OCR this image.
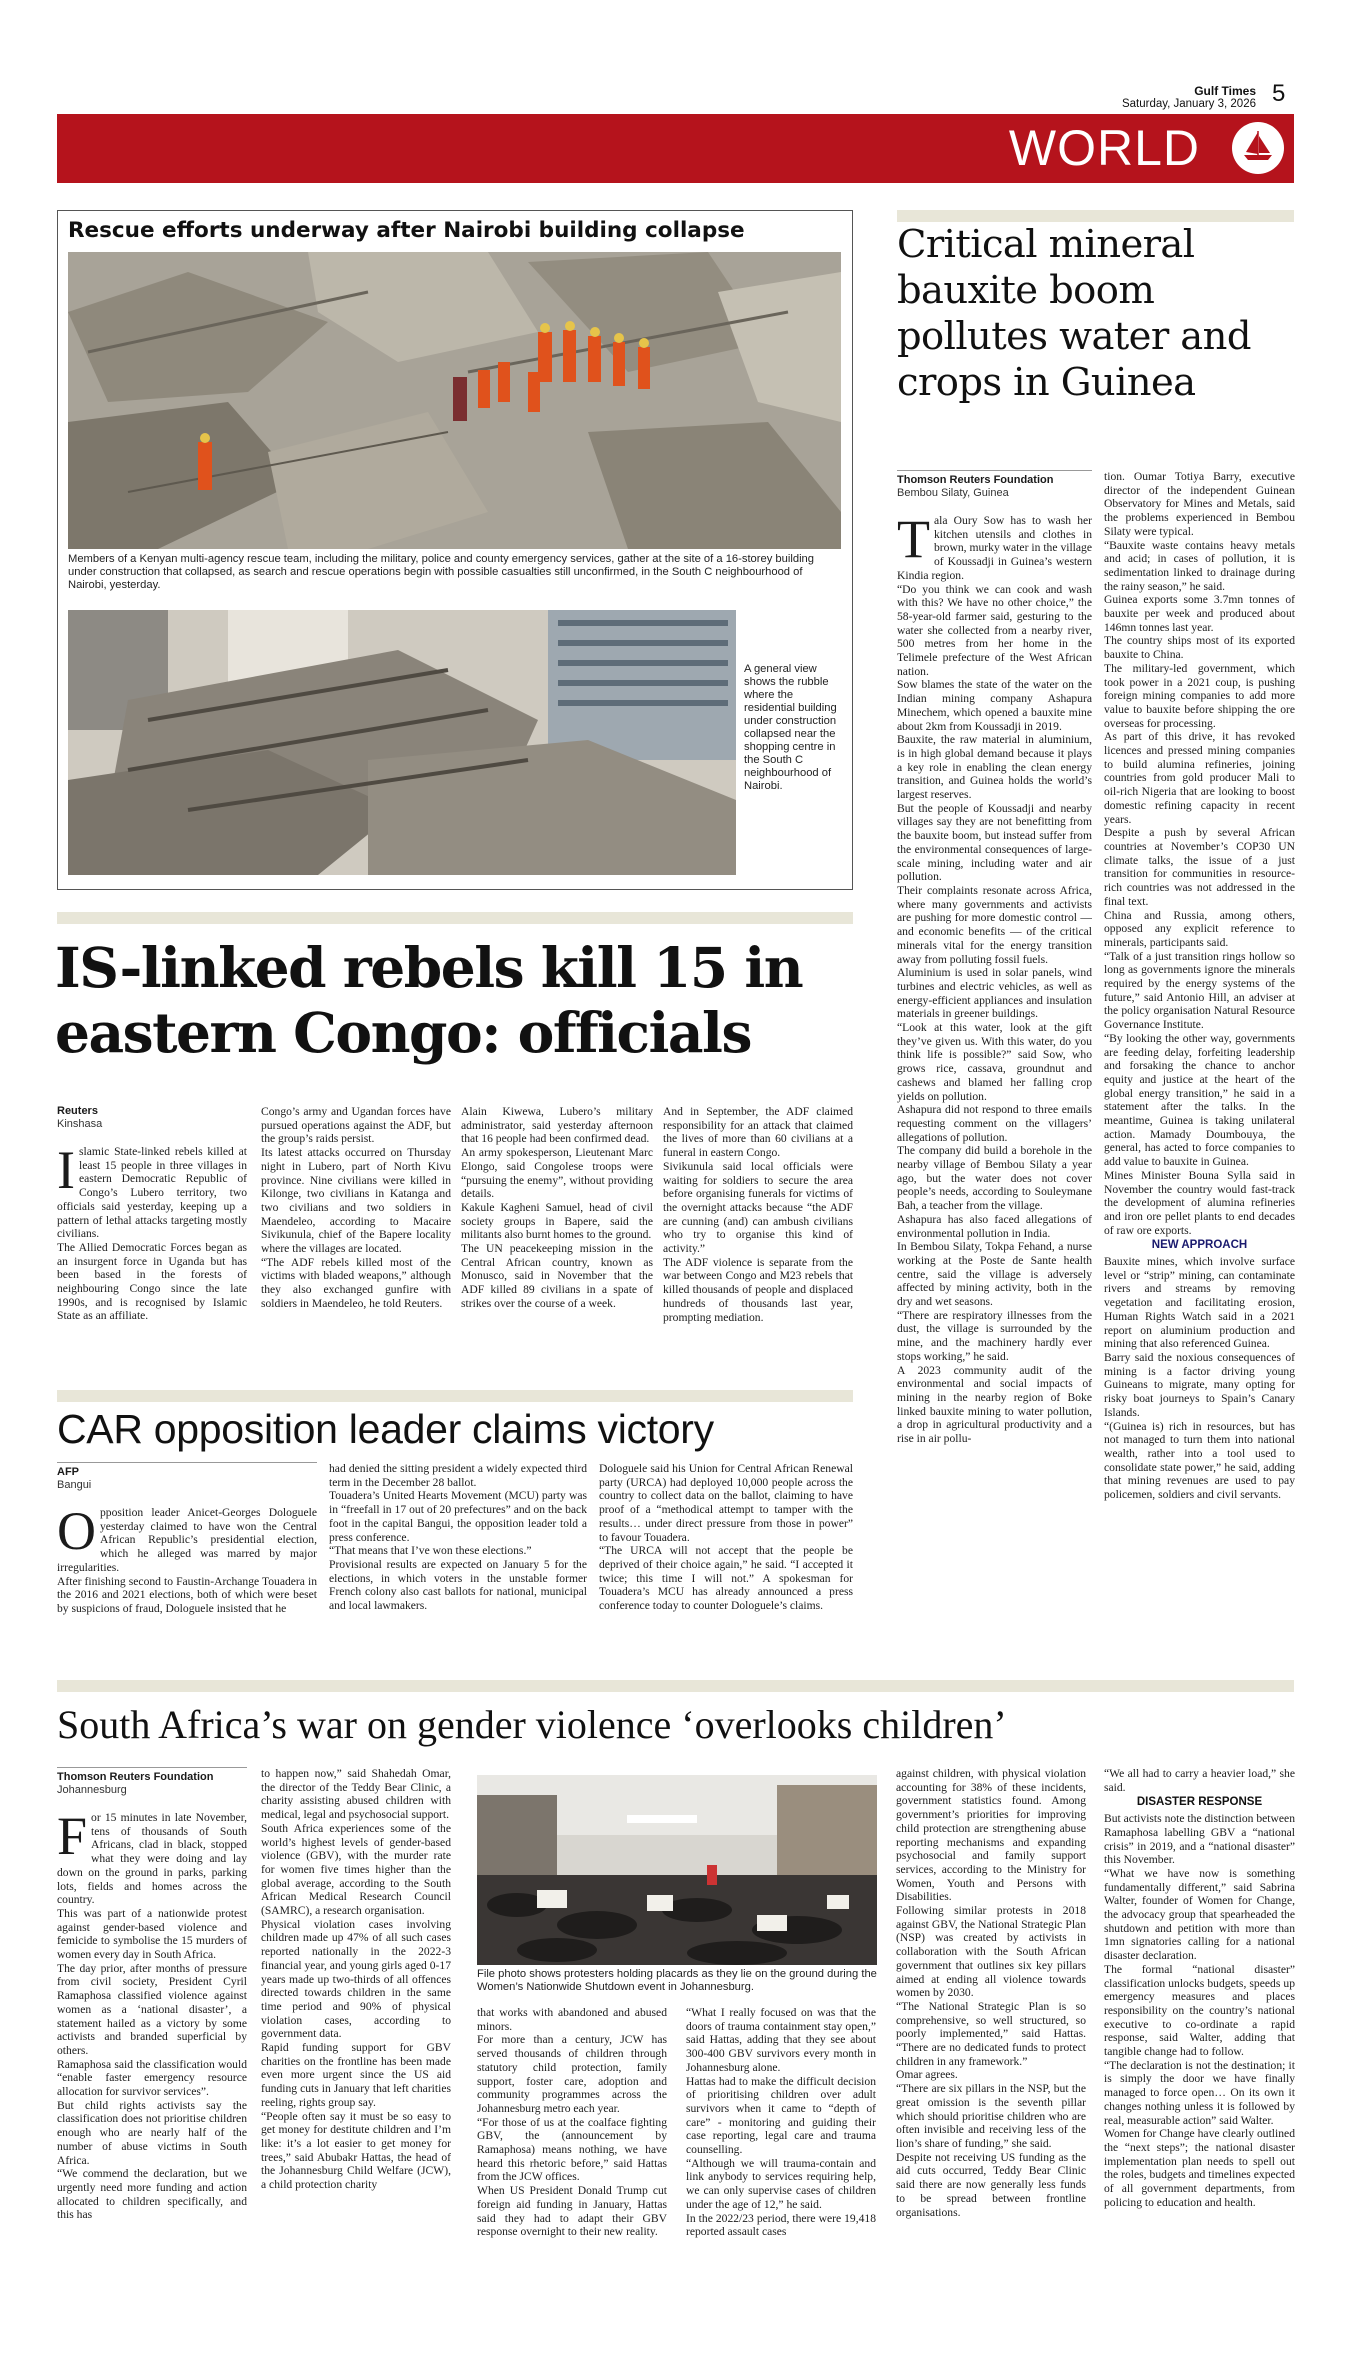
Gulf Times
Saturday, January 3, 2026 5
WORLD
Rescue efforts underway after Nairobi building collapse
Members of a Kenyan multi-agency rescue team, including the military, police and county emergency services, gather at the site of a 16-storey building under construction that collapsed, as search and rescue operations begin with possible casualties still unconfirmed, in the South C neighbourhood of Nairobi, yesterday.
A general view shows the rubble where the residential building under construction collapsed near the shopping centre in the South C neighbourhood of Nairobi.
Critical mineral bauxite boom pollutes water and crops in Guinea
Thomson Reuters Foundation
Bembou Silaty, Guinea
T ala Oury Sow has to wash her kitchen utensils and clothes in brown, murky water in the village of Koussadji in Guinea’s western Kindia region.

“Do you think we can cook and wash with this? We have no other choice,” the 58-year-old farmer said, gesturing to the water she collected from a nearby river, 500 metres from her home in the Telimele prefecture of the West African nation.

Sow blames the state of the water on the Indian mining company Ashapura Minechem, which opened a bauxite mine about 2km from Koussadji in 2019.

Bauxite, the raw material in aluminium, is in high global demand because it plays a key role in enabling the clean energy transition, and Guinea holds the world’s largest reserves.

But the people of Koussadji and nearby villages say they are not benefitting from the bauxite boom, but instead suffer from the environmental consequences of large-scale mining, including water and air pollution.

Their complaints resonate across Africa, where many governments and activists are pushing for more domestic control — and economic benefits — of the critical minerals vital for the energy transition away from polluting fossil fuels.

Aluminium is used in solar panels, wind turbines and electric vehicles, as well as energy-efficient appliances and insulation materials in greener buildings.

“Look at this water, look at the gift they’ve given us. With this water, do you think life is possible?” said Sow, who grows rice, cassava, groundnut and cashews and blamed her falling crop yields on pollution.

Ashapura did not respond to three emails requesting comment on the villagers’ allegations of pollution.

The company did build a borehole in the nearby village of Bembou Silaty a year ago, but the water does not cover people’s needs, according to Souleymane Bah, a teacher from the village.

Ashapura has also faced allegations of environmental pollution in India.

In Bembou Silaty, Tokpa Fehand, a nurse working at the Poste de Sante health centre, said the village is adversely affected by mining activity, both in the dry and wet seasons.

“There are respiratory illnesses from the dust, the village is surrounded by the mine, and the machinery hardly ever stops working,” he said.

A 2023 community audit of the environmental and social impacts of mining in the nearby region of Boke linked bauxite mining to water pollution, a drop in agricultural productivity and a rise in air pollu-

tion. Oumar Totiya Barry, executive director of the independent Guinean Observatory for Mines and Metals, said the problems experienced in Bembou Silaty were typical.

“Bauxite waste contains heavy metals and acid; in cases of pollution, it is sedimentation linked to drainage during the rainy season,” he said.

Guinea exports some 3.7mn tonnes of bauxite per week and produced about 146mn tonnes last year.

The country ships most of its exported bauxite to China.

The military-led government, which took power in a 2021 coup, is pushing foreign mining companies to add more value to bauxite before shipping the ore overseas for processing.

As part of this drive, it has revoked licences and pressed mining companies to build alumina refineries, joining countries from gold producer Mali to oil-rich Nigeria that are looking to boost domestic refining capacity in recent years.

Despite a push by several African countries at November’s COP30 UN climate talks, the issue of a just transition for communities in resource-rich countries was not addressed in the final text.

China and Russia, among others, opposed any explicit reference to minerals, participants said.

“Talk of a just transition rings hollow so long as governments ignore the minerals required by the energy systems of the future,” said Antonio Hill, an adviser at the policy organisation Natural Resource Governance Institute.

“By looking the other way, governments are feeding delay, forfeiting leadership and forsaking the chance to anchor equity and justice at the heart of the global energy transition,” he said in a statement after the talks. In the meantime, Guinea is taking unilateral action. Mamady Doumbouya, the general, has acted to force companies to add value to bauxite in Guinea.

Mines Minister Bouna Sylla said in November the country would fast-track the development of alumina refineries and iron ore pellet plants to end decades of raw ore exports.

NEW APPROACH

Bauxite mines, which involve surface level or “strip” mining, can contaminate rivers and streams by removing vegetation and facilitating erosion, Human Rights Watch said in a 2021 report on aluminium production and mining that also referenced Guinea.

Barry said the noxious consequences of mining is a factor driving young Guineans to migrate, many opting for risky boat journeys to Spain’s Canary Islands.

“(Guinea is) rich in resources, but has not managed to turn them into national wealth, rather into a tool used to consolidate state power,” he said, adding that mining revenues are used to pay policemen, soldiers and civil servants.

IS-linked rebels kill 15 in eastern Congo: officials
Reuters
Kinshasa
I slamic State-linked rebels killed at least 15 people in three villages in eastern Democratic Republic of Congo’s Lubero territory, two officials said yesterday, keeping up a pattern of lethal attacks targeting mostly civilians.

The Allied Democratic Forces began as an insurgent force in Uganda but has been based in the forests of neighbouring Congo since the late 1990s, and is recognised by Islamic State as an affiliate.

Congo’s army and Ugandan forces have pursued operations against the ADF, but the group’s raids persist.

Its latest attacks occurred on Thursday night in Lubero, part of North Kivu province. Nine civilians were killed in Kilonge, two civilians in Katanga and two civilians and two soldiers in Maendeleo, according to Macaire Sivikunula, chief of the Bapere locality where the villages are located.

“The ADF rebels killed most of the victims with bladed weapons,” although they also exchanged gunfire with soldiers in Maendeleo, he told Reuters.

Alain Kiwewa, Lubero’s military administrator, said yesterday afternoon that 16 people had been confirmed dead.

An army spokesperson, Lieutenant Marc Elongo, said Congolese troops were “pursuing the enemy”, without providing details.

Kakule Kagheni Samuel, head of civil society groups in Bapere, said the militants also burnt homes to the ground.

The UN peacekeeping mission in the Central African country, known as Monusco, said in November that the ADF killed 89 civilians in a spate of strikes over the course of a week.

And in September, the ADF claimed responsibility for an attack that claimed the lives of more than 60 civilians at a funeral in eastern Congo.

Sivikunula said local officials were waiting for soldiers to secure the area before organising funerals for victims of the overnight attacks because “the ADF are cunning (and) can ambush civilians who try to organise this kind of activity.”

The ADF violence is separate from the war between Congo and M23 rebels that killed thousands of people and displaced hundreds of thousands last year, prompting mediation.

CAR opposition leader claims victory
AFP
Bangui
O pposition leader Anicet-Georges Dologuele yesterday claimed to have won the Central African Republic’s presidential election, which he alleged was marred by major irregularities.

After finishing second to Faustin-Archange Touadera in the 2016 and 2021 elections, both of which were beset by suspicions of fraud, Dologuele insisted that he

had denied the sitting president a widely expected third term in the December 28 ballot.

Touadera’s United Hearts Movement (MCU) party was in “freefall in 17 out of 20 prefectures” and on the back foot in the capital Bangui, the opposition leader told a press conference.

“That means that I’ve won these elections.”

Provisional results are expected on January 5 for the elections, in which voters in the unstable former French colony also cast ballots for national, municipal and local lawmakers.

Dologuele said his Union for Central African Renewal party (URCA) had deployed 10,000 people across the country to collect data on the ballot, claiming to have proof of a “methodical attempt to tamper with the results… under direct pressure from those in power” to favour Touadera.

“The URCA will not accept that the people be deprived of their choice again,” he said. “I accepted it twice; this time I will not.” A spokesman for Touadera’s MCU has already announced a press conference today to counter Dologuele’s claims.

South Africa’s war on gender violence ‘overlooks children’
Thomson Reuters Foundation
Johannesburg
F or 15 minutes in late November, tens of thousands of South Africans, clad in black, stopped what they were doing and lay down on the ground in parks, parking lots, fields and homes across the country.

This was part of a nationwide protest against gender-based violence and femicide to symbolise the 15 murders of women every day in South Africa.

The day prior, after months of pressure from civil society, President Cyril Ramaphosa classified violence against women as a ‘national disaster’, a statement hailed as a victory by some activists and branded superficial by others.

Ramaphosa said the classification would “enable faster emergency resource allocation for survivor services”.

But child rights activists say the classification does not prioritise children enough who are nearly half of the number of abuse victims in South Africa.

“We commend the declaration, but we urgently need more funding and action allocated to children specifically, and this has

to happen now,” said Shahedah Omar, the director of the Teddy Bear Clinic, a charity assisting abused children with medical, legal and psychosocial support.

South Africa experiences some of the world’s highest levels of gender-based violence (GBV), with the murder rate for women five times higher than the global average, according to the South African Medical Research Council (SAMRC), a research organisation.

Physical violation cases involving children made up 47% of all such cases reported nationally in the 2022-3 financial year, and young girls aged 0-17 years made up two-thirds of all offences directed towards children in the same time period and 90% of physical violation cases, according to government data.

Rapid funding support for GBV charities on the frontline has been made even more urgent since the US aid funding cuts in January that left charities reeling, rights group say.

“People often say it must be so easy to get money for destitute children and I’m like: it’s a lot easier to get money for trees,” said Abubakr Hattas, the head of the Johannesburg Child Welfare (JCW), a child protection charity

File photo shows protesters holding placards as they lie on the ground during the Women’s Nationwide Shutdown event in Johannesburg.

that works with abandoned and abused minors.

For more than a century, JCW has served thousands of children through statutory child protection, family support, foster care, adoption and community programmes across the Johannesburg metro each year.

“For those of us at the coalface fighting GBV, the (announcement by Ramaphosa) means nothing, we have heard this rhetoric before,” said Hattas from the JCW offices.

When US President Donald Trump cut foreign aid funding in January, Hattas said they had to adapt their GBV response overnight to their new reality.

“What I really focused on was that the doors of trauma containment stay open,” said Hattas, adding that they see about 300-400 GBV survivors every month in Johannesburg alone.

Hattas had to make the difficult decision of prioritising children over adult survivors when it came to “depth of care” - monitoring and guiding their case reporting, legal care and trauma counselling.

“Although we will trauma-contain and link anybody to services requiring help, we can only supervise cases of children under the age of 12,” he said.

In the 2022/23 period, there were 19,418 reported assault cases

against children, with physical violation accounting for 38% of these incidents, government statistics found. Among government’s priorities for improving child protection are strengthening abuse reporting mechanisms and expanding psychosocial and family support services, according to the Ministry for Women, Youth and Persons with Disabilities.

Following similar protests in 2018 against GBV, the National Strategic Plan (NSP) was created by activists in collaboration with the South African government that outlines six key pillars aimed at ending all violence towards women by 2030.

“The National Strategic Plan is so comprehensive, so well structured, so poorly implemented,” said Hattas. “There are no dedicated funds to protect children in any framework.”

Omar agrees.

“There are six pillars in the NSP, but the great omission is the seventh pillar which should prioritise children who are often invisible and receiving less of the lion’s share of funding,” she said.

Despite not receiving US funding as the aid cuts occurred, Teddy Bear Clinic said there are now generally less funds to be spread between frontline organisations.

“We all had to carry a heavier load,” she said.

DISASTER RESPONSE

But activists note the distinction between Ramaphosa labelling GBV a “national crisis” in 2019, and a “national disaster” this November.

“What we have now is something fundamentally different,” said Sabrina Walter, founder of Women for Change, the advocacy group that spearheaded the shutdown and petition with more than 1mn signatories calling for a national disaster declaration.

The formal “national disaster” classification unlocks budgets, speeds up emergency measures and places responsibility on the country’s national executive to co-ordinate a rapid response, said Walter, adding that tangible change had to follow.

“The declaration is not the destination; it is simply the door we have finally managed to force open… On its own it changes nothing unless it is followed by real, measurable action” said Walter.

Women for Change have clearly outlined the “next steps”; the national disaster implementation plan needs to spell out the roles, budgets and timelines expected of all government departments, from policing to education and health.
